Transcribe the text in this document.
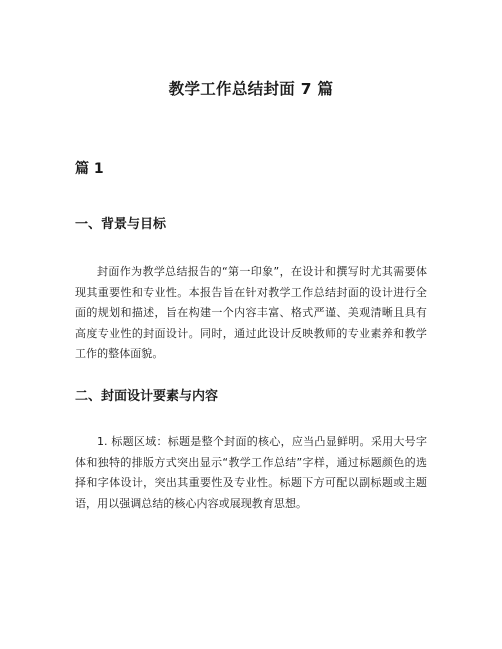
教学工作总结封面 7 篇
篇 1
一、背景与目标

封面作为教学总结报告的“第一印象”，在设计和撰写时尤其需要体现其重要性和专业性。本报告旨在针对教学工作总结封面的设计进行全面的规划和描述，旨在构建一个内容丰富、格式严谨、美观清晰且具有高度专业性的封面设计。同时，通过此设计反映教师的专业素养和教学工作的整体面貌。

二、封面设计要素与内容

1. 标题区域：标题是整个封面的核心，应当凸显鲜明。采用大号字体和独特的排版方式突出显示“教学工作总结”字样，通过标题颜色的选择和字体设计，突出其重要性及专业性。标题下方可配以副标题或主题语，用以强调总结的核心内容或展现教育思想。
